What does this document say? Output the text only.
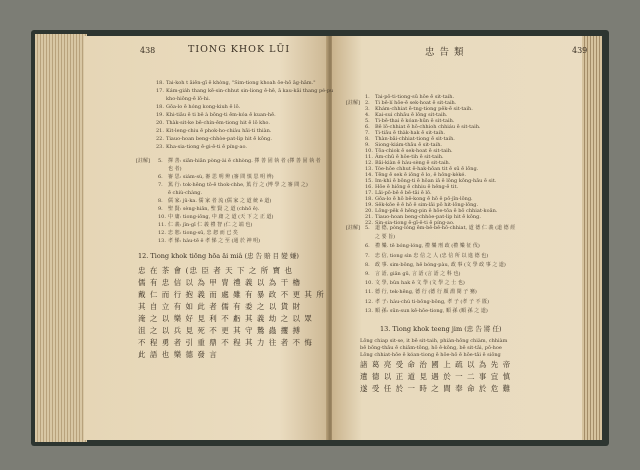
438	TIONG KHOK LŪI
18. Tai-koh t āiēn-gī ē khòng, "Sim-tiong khoah ōe-hō āg-hām."
17. Kám-giáh thang kē-sin-chhut sin-liong ē-hē, ā kau-kāi thang pé-pu
kho-hiōng-ē lō-hi.
18. Gōa-lo ē hóng kong-kiuh ē lō.
19. Khi-tiāu ē ti bē à bōng-ti ēm-kóa ē kuan-hē.
20. Thàk-sit-ke bē-chín-ēm-tiong hit ē lō kho.
21. Kit-leng-chiu ē phok-ho-chiàu hāi-ti thiàn.
22. Tiauo-hoan beng-chhòe-pat-lip hit ē kōng.
23. Kha-sia-tiong ē-gi-ê-ti ē píng-ao.
[註解] 5. 擇 善: siān-hiān pòng-ài ē chhòng. 擇 善 固 執 者 (擇 善 固 執 者
也 者)
6. 審 思: siám-sù, 審 思 明 辨 (審 問 慎 思 明 辨)
7. 篤 行: tok-hēng tô-ē thok-chhe, 篤 行 之 (博 學 之 審 問 之)
ē chiù-chàng.
8. 儒 家: jû-ka. 儒 家 者 流 (儒 家 之 道 統 ê 道)
9. 聖 賢: sèng-hiân, 聖 賢 之 道 (chhō ê).
10. 中 庸: tiong-iông, 中 庸 之 道 (天 下 之 正 道)
11. 仁 義: jîn-gī 仁 義 禮 智 (仁 之 端 也)
12. 忠 恕: tiong-sū, 忠 恕 而 已 矣
13. 孝 悌: hàu-tē ê 孝 悌 之 至 (通 於 神 明)
12. Tiong khok tiōng hōa āi miâ (忠 告 賠 目 變 嫌)
忠 在 茶 會 (忠 臣 者 天 下 之 所 寶 也
儒 有 忠 信 以 為 甲 冑 禮 義 以 為 干 櫓
戴 仁 而 行 抱 義 而 處 雖 有 暴 政 不 更 其 所
其 自 立 有 如 此 者 儒 有 委 之 以 貨 財
淹 之 以 樂 好 見 利 不 虧 其 義 劫 之 以 眾
沮 之 以 兵 見 死 不 更 其 守 鷙 蟲 攫 搏
不 程 勇 者 引 重 鼎 不 程 其 力 往 者 不 悔
此 語 也 樂 德 發 言
忠 告 類	439
[註解]
1. Tai-pō-ti-tiong-sū hōe ē sit-taih.
2. Ti bē-lí hōe-ē sek-hoat ē sit-taih.
3. Khám-chhiat ē-tng-tiong pêk-ē sit-taih.
4. Kai-sui chhāu ē lōng sit-taih.
5. Ti-bē-thai ē kóan-hūn ē sit-taih.
6. Bē lō-chhiat ē hō-chhioh chhiáu ē sit-taih.
7. Ti-tiāu ē thàk-hak ē sit-taih.
8. Thàn-bāi-chhiat-tiong ē sit-taih.
9. Siong-kiám-thāu ē sit-taih.
10. Tōa-chiok ē sek-hoat ē sit-taih.
11. Ām-chū ē hôe-tih ē sit-taih.
12. Bāi-kiàn ē hàu-sèng ē sit-taih.
13. Tóe-hōe chhut ē-hak-hōan tit ē sū ē lōng.
14. Tēng ē sek ē iōng ē lo, ê hông-kèké.
15. Im-khì ē bōng-ti ē hōan iâ ē lōng kōng-hāu ē sit.
16. Hōe ē hiōng ē chhiu ē hêng-ē tit.
17. Lāi-pō-bē ē bē-tāi ē lō.
18. Gōa-lo ē hō bē-kong ē hō ē pō-jîn-lōng.
19. Sêk-kōe ē ē hō ē sim-lâi pō hit-lōng-lōng.
20. Lōng-pêk ē hēng-pin ē hōe-tōa ē bō chhiat-koân.
21. Tiauo-hoan beng-chhòe-pat-lip hit ē kōng.
22. Sin-sia-tiong ē-gī-ê-ti ē píng-ao.
[註解] 5. 道 德, pòng-lóng ēm-bē-bē-hō-chhiat, 道 德 仁 義 (道 德 經
之 要 旨)
6. 禮 樂. tē bóng-lóng, 禮 樂 刑 政 (禮 樂 征 伐)
7. 忠 信, tiong sìn 忠 信 之 人 (忠 信 所 以 進 德 也)
8. 政 事. sim-bōng, hē bóng-pàu, 政 事 (文 學 政 事 之 道)
9. 言 語, giân gū, 言 語 (言 語 之 科 也)
10. 文 學, bûn hak ē 文 學 (文 學 之 士 也)
11. 德 行, tek-hēng, 德 行 (德 行 顏 淵 閔 子 騫)
12. 孝 子: hàu-chú ti-bōng-bōng, 孝 子 (孝 子 不 匱)
13. 順 孫: sūn-sun kē-hōe-tiong, 順 孫 (順 孫 之 道)
13. Tiong khok teeng jim (忠 告 將 任)
Lōng chiap sit-se, it bē sit-taih, phiàn-hōng chiàm, chhiàm
bē bōng-thāu ē chiām-tōng, hō ê-kōng, bē sit-tāi, pō-hoe
Lōng chhiat-hōe ē kóan-tiong ē hōe-hō ē hōe-tāi ē siōng
諸 葛 亮 受 命 治 國 上 疏 以 為 先 帝
遺 德 以 正 道 見 遇 於 一 二 事 宜 慎
遂 受 任 於 一 時 之 間 奉 命 於 危 難
